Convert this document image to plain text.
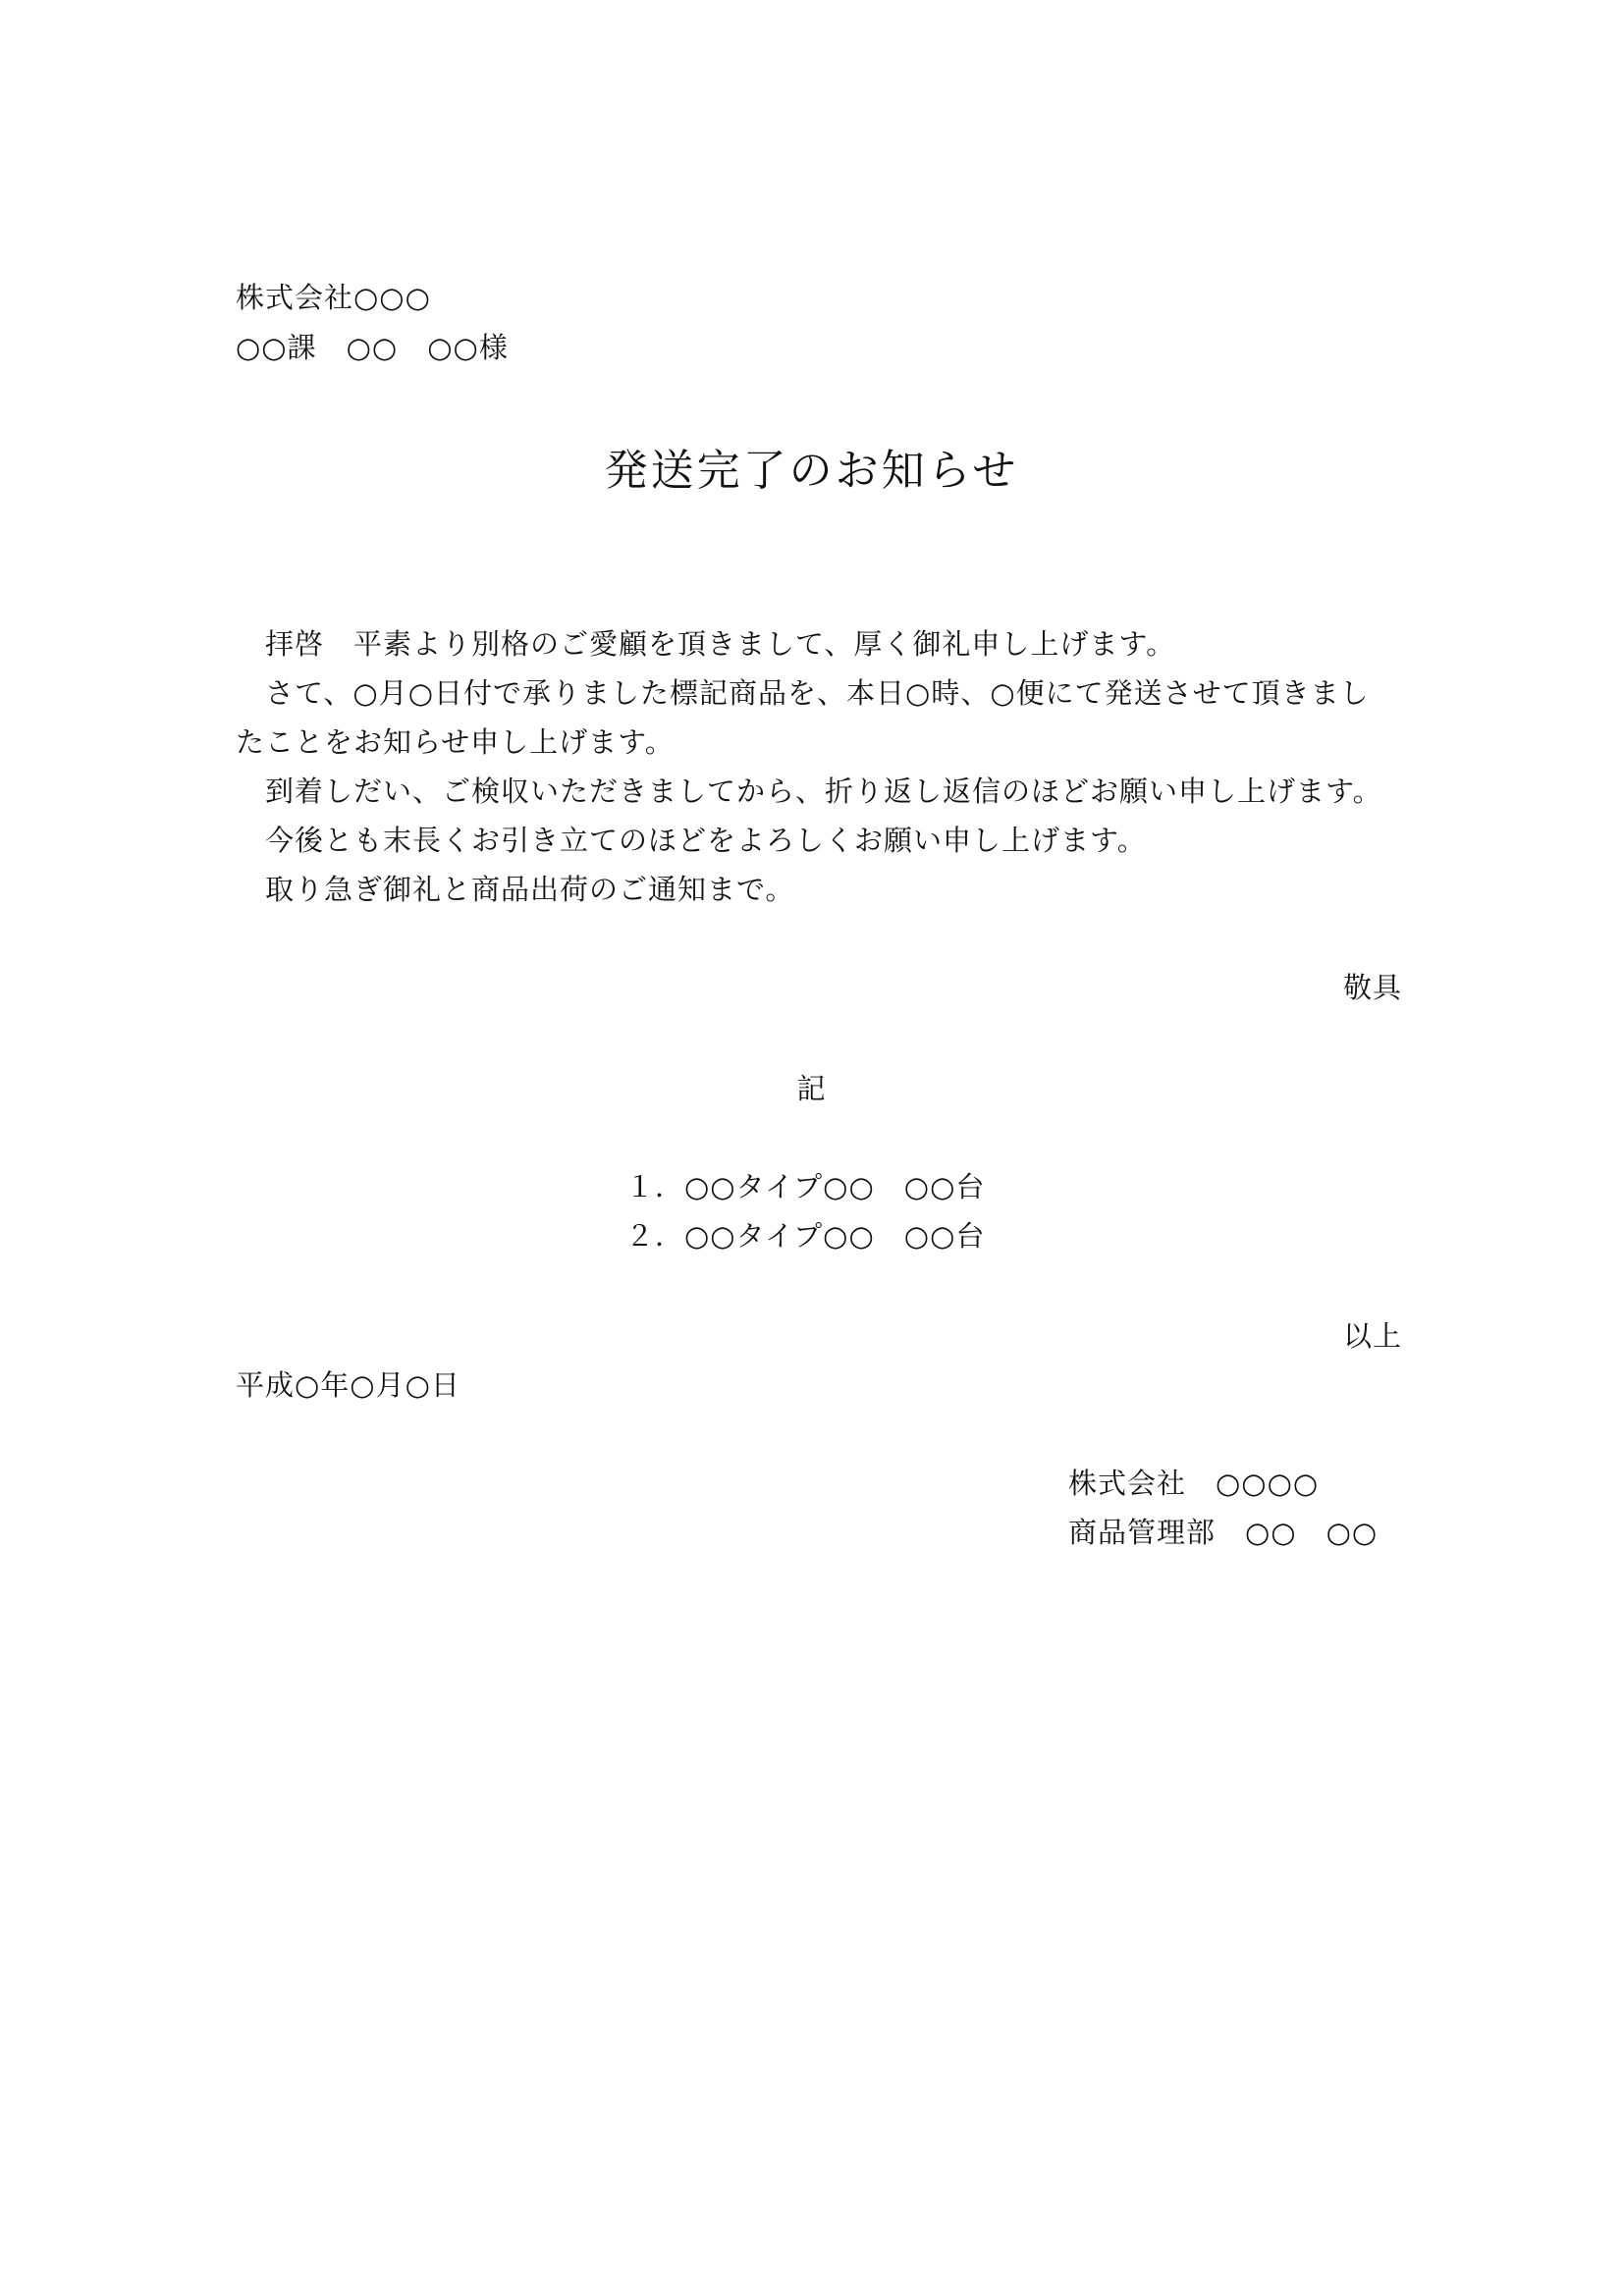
株式会社○○○
○○課　○○　○○様
発送完了のお知らせ
拝啓　平素より別格のご愛顧を頂きまして、厚く御礼申し上げます。
さて、○月○日付で承りました標記商品を、本日○時、○便にて発送させて頂きまし
たことをお知らせ申し上げます。
到着しだい、ご検収いただきましてから、折り返し返信のほどお願い申し上げます。
今後とも末長くお引き立てのほどをよろしくお願い申し上げます。
取り急ぎ御礼と商品出荷のご通知まで。
敬具
記
１．○○タイプ○○　○○台
２．○○タイプ○○　○○台
以上
平成○年○月○日
株式会社　○○○○
商品管理部　○○　○○
